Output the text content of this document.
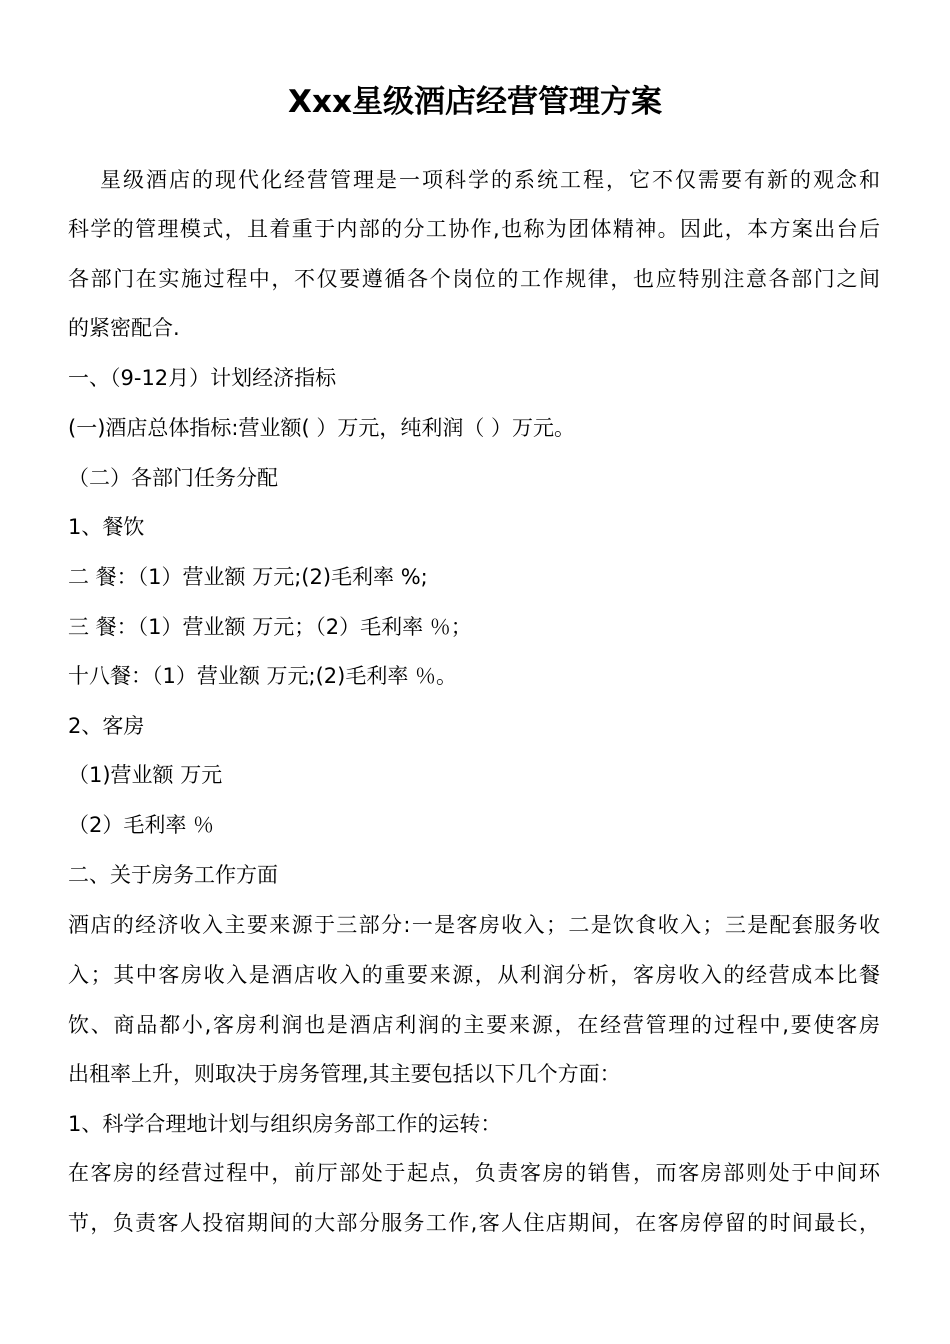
Xxx星级酒店经营管理方案
星级酒店的现代化经营管理是一项科学的系统工程，它不仅需要有新的观念和
科学的管理模式，且着重于内部的分工协作,也称为团体精神。因此，本方案出台后
各部门在实施过程中，不仅要遵循各个岗位的工作规律，也应特别注意各部门之间
的紧密配合.
一、（9-12月）计划经济指标
(一)酒店总体指标:营业额( ）万元，纯利润（ ）万元。
（二）各部门任务分配
1、餐饮
二 餐：（1）营业额 万元;(2)毛利率 %;
三 餐：（1）营业额 万元；（2）毛利率 ％；
十八餐：（1）营业额 万元;(2)毛利率 ％。
2、客房
（1)营业额 万元
（2）毛利率 ％
二、关于房务工作方面
酒店的经济收入主要来源于三部分:一是客房收入；二是饮食收入；三是配套服务收
入；其中客房收入是酒店收入的重要来源，从利润分析，客房收入的经营成本比餐
饮、商品都小,客房利润也是酒店利润的主要来源，在经营管理的过程中,要使客房
出租率上升，则取决于房务管理,其主要包括以下几个方面：
1、科学合理地计划与组织房务部工作的运转：
在客房的经营过程中，前厅部处于起点，负责客房的销售，而客房部则处于中间环
节，负责客人投宿期间的大部分服务工作,客人住店期间，在客房停留的时间最长，
